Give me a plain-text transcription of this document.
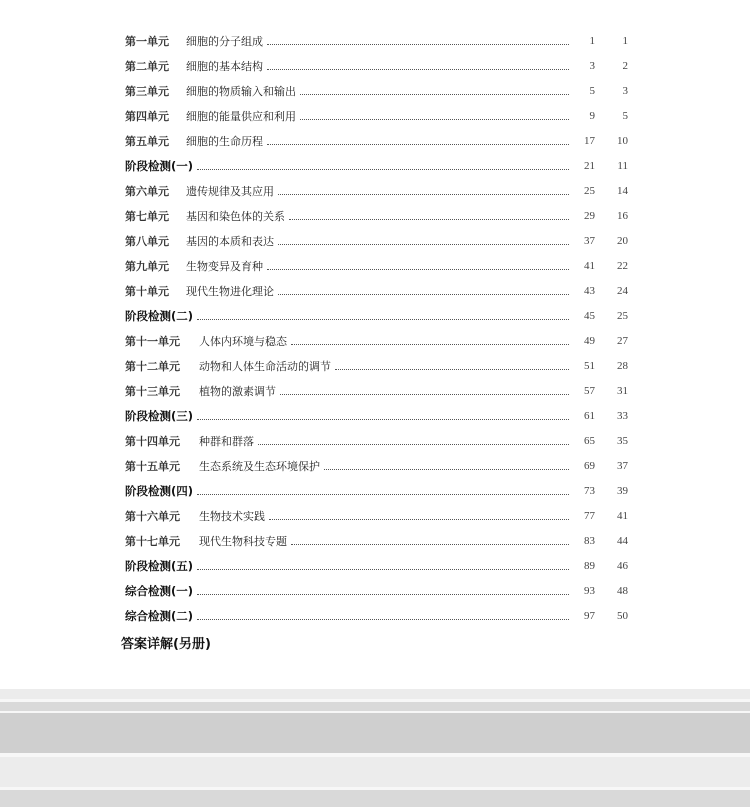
第一单元 细胞的分子组成	1	1
第二单元 细胞的基本结构	3	2
第三单元 细胞的物质输入和输出	5	3
第四单元 细胞的能量供应和利用	9	5
第五单元 细胞的生命历程	17	10
阶段检测(一)	21	11
第六单元 遗传规律及其应用	25	14
第七单元 基因和染色体的关系	29	16
第八单元 基因的本质和表达	37	20
第九单元 生物变异及育种	41	22
第十单元 现代生物进化理论	43	24
阶段检测(二)	45	25
第十一单元 人体内环境与稳态	49	27
第十二单元 动物和人体生命活动的调节	51	28
第十三单元 植物的激素调节	57	31
阶段检测(三)	61	33
第十四单元 种群和群落	65	35
第十五单元 生态系统及生态环境保护	69	37
阶段检测(四)	73	39
第十六单元 生物技术实践	77	41
第十七单元 现代生物科技专题	83	44
阶段检测(五)	89	46
综合检测(一)	93	48
综合检测(二)	97	50
答案详解(另册)
